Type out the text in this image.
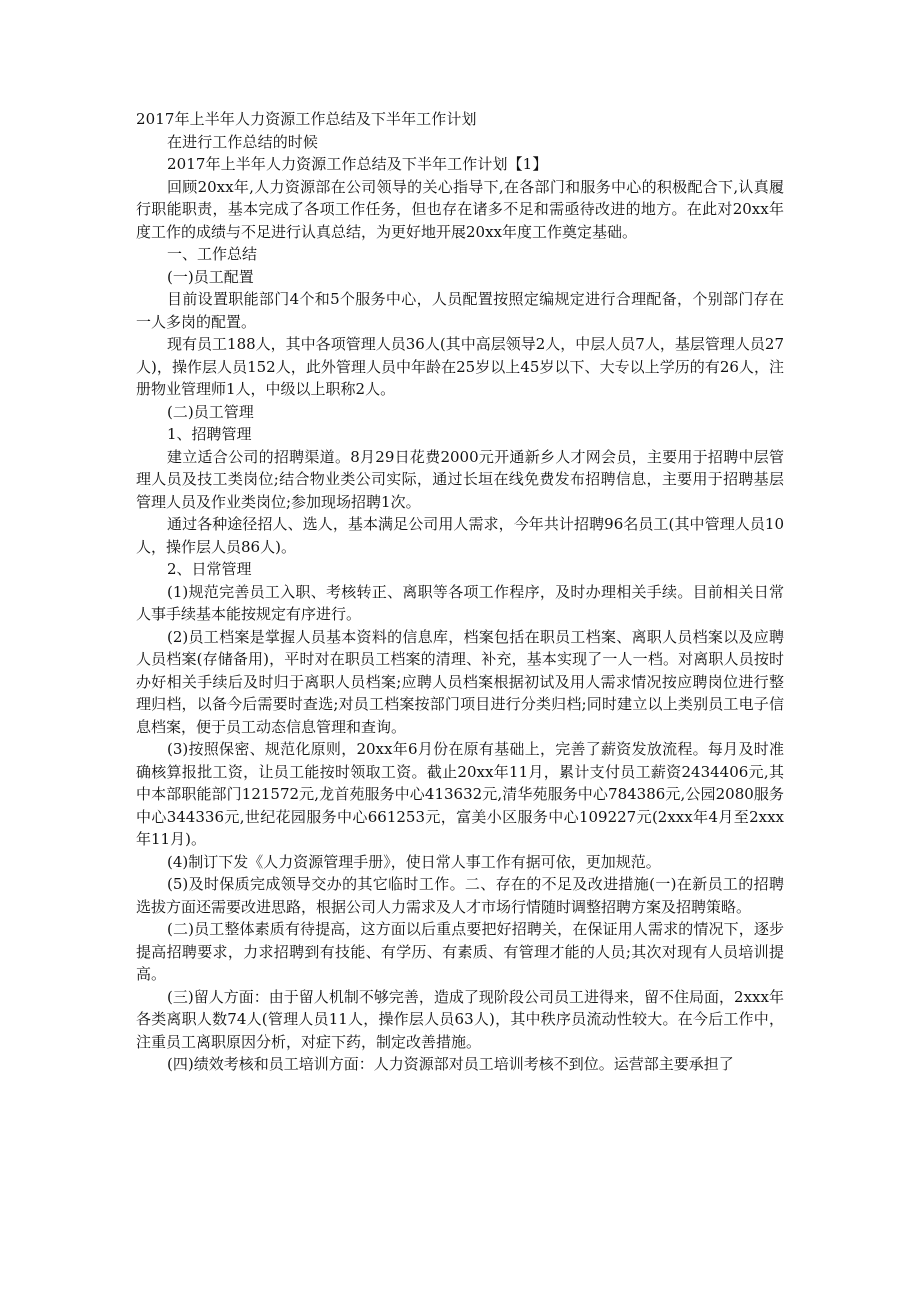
2017年上半年人力资源工作总结及下半年工作计划
在进行工作总结的时候
2017年上半年人力资源工作总结及下半年工作计划【1】

回顾20xx年,人力资源部在公司领导的关心指导下,在各部门和服务中心的积极配合下,认真履行职能职责，基本完成了各项工作任务，但也存在诸多不足和需亟待改进的地方。在此对20xx年度工作的成绩与不足进行认真总结，为更好地开展20xx年度工作奠定基础。

一、工作总结

(一)员工配置

目前设置职能部门4个和5个服务中心，人员配置按照定编规定进行合理配备，个别部门存在一人多岗的配置。

现有员工188人，其中各项管理人员36人(其中高层领导2人，中层人员7人，基层管理人员27人)，操作层人员152人，此外管理人员中年龄在25岁以上45岁以下、大专以上学历的有26人，注册物业管理师1人，中级以上职称2人。

(二)员工管理

1、招聘管理

建立适合公司的招聘渠道。8月29日花费2000元开通新乡人才网会员，主要用于招聘中层管理人员及技工类岗位;结合物业类公司实际，通过长垣在线免费发布招聘信息，主要用于招聘基层管理人员及作业类岗位;参加现场招聘1次。

通过各种途径招人、选人，基本满足公司用人需求，今年共计招聘96名员工(其中管理人员10人，操作层人员86人)。

2、日常管理

(1)规范完善员工入职、考核转正、离职等各项工作程序，及时办理相关手续。目前相关日常人事手续基本能按规定有序进行。

(2)员工档案是掌握人员基本资料的信息库，档案包括在职员工档案、离职人员档案以及应聘人员档案(存储备用)，平时对在职员工档案的清理、补充，基本实现了一人一档。对离职人员按时办好相关手续后及时归于离职人员档案;应聘人员档案根据初试及用人需求情况按应聘岗位进行整理归档，以备今后需要时查选;对员工档案按部门项目进行分类归档;同时建立以上类别员工电子信息档案，便于员工动态信息管理和查询。

(3)按照保密、规范化原则，20xx年6月份在原有基础上，完善了薪资发放流程。每月及时准确核算报批工资，让员工能按时领取工资。截止20xx年11月，累计支付员工薪资2434406元,其中本部职能部门121572元,龙首苑服务中心413632元,清华苑服务中心784386元,公园2080服务中心344336元,世纪花园服务中心661253元，富美小区服务中心109227元(2xxx年4月至2xxx年11月)。

(4)制订下发《人力资源管理手册》，使日常人事工作有据可依，更加规范。

(5)及时保质完成领导交办的其它临时工作。二、存在的不足及改进措施(一)在新员工的招聘选拔方面还需要改进思路，根据公司人力需求及人才市场行情随时调整招聘方案及招聘策略。

(二)员工整体素质有待提高，这方面以后重点要把好招聘关，在保证用人需求的情况下，逐步提高招聘要求，力求招聘到有技能、有学历、有素质、有管理才能的人员;其次对现有人员培训提高。

(三)留人方面：由于留人机制不够完善，造成了现阶段公司员工进得来，留不住局面，2xxx年各类离职人数74人(管理人员11人，操作层人员63人)，其中秩序员流动性较大。在今后工作中，注重员工离职原因分析，对症下药，制定改善措施。

(四)绩效考核和员工培训方面：人力资源部对员工培训考核不到位。运营部主要承担了
